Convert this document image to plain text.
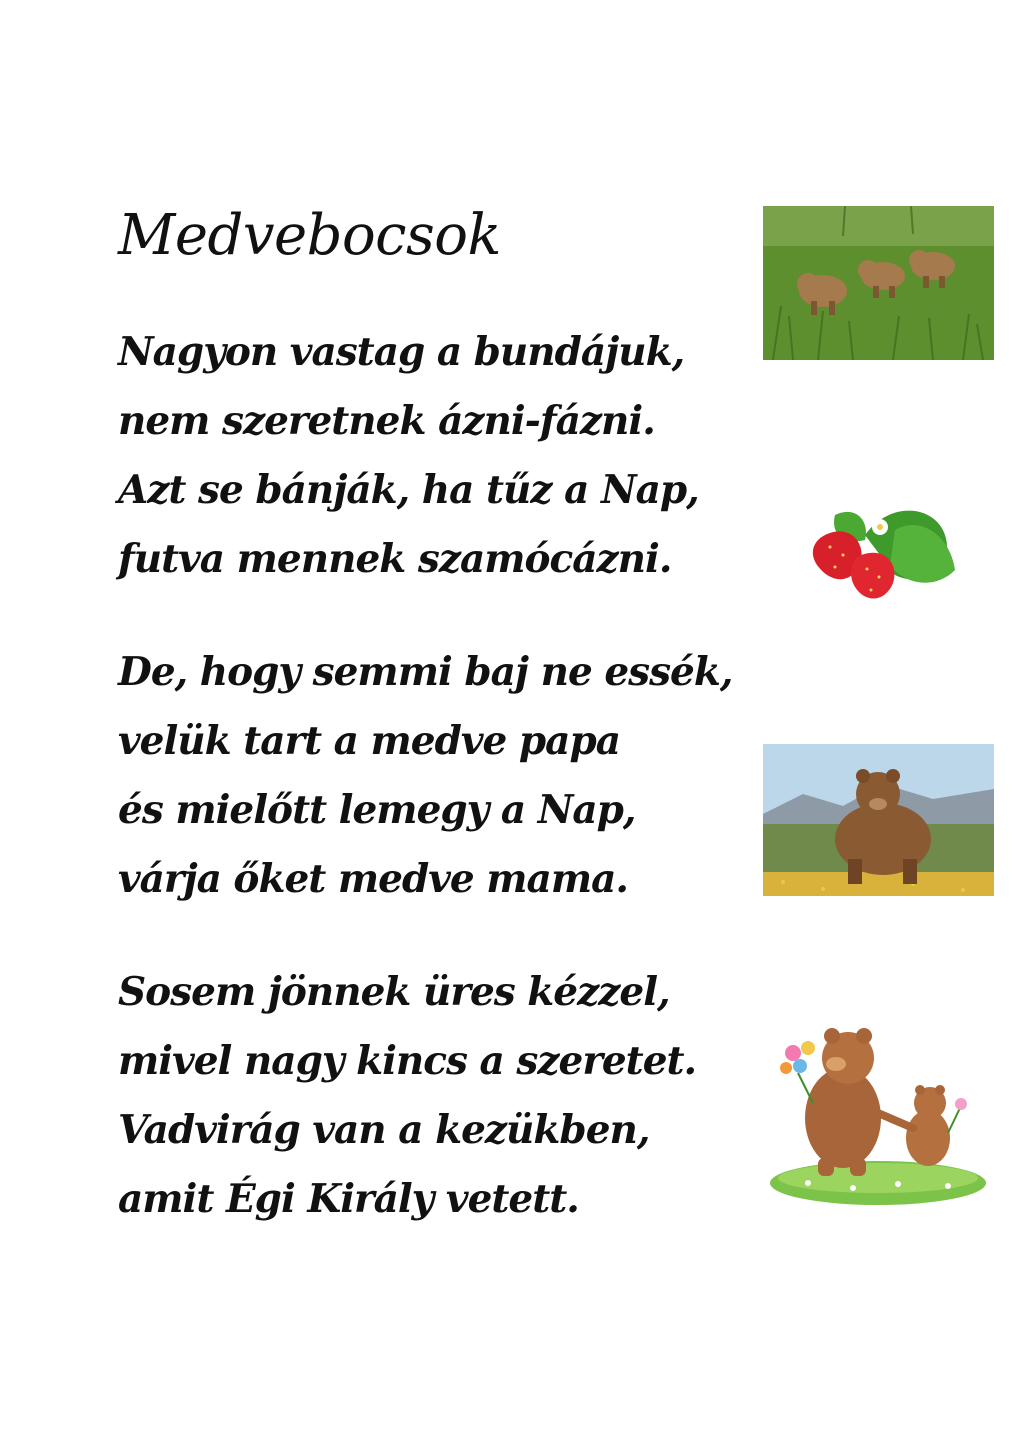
Medvebocsok
Nagyon vastag a bundájuk,
nem szeretnek ázni-fázni.
Azt se bánják, ha tűz a Nap,
futva mennek szamócázni.
De, hogy semmi baj ne essék,
velük tart a medve papa
és mielőtt lemegy a Nap,
várja őket medve mama.
Sosem jönnek üres kézzel,
mivel nagy kincs a szeretet.
Vadvirág van a kezükben,
amit Égi Király vetett.
